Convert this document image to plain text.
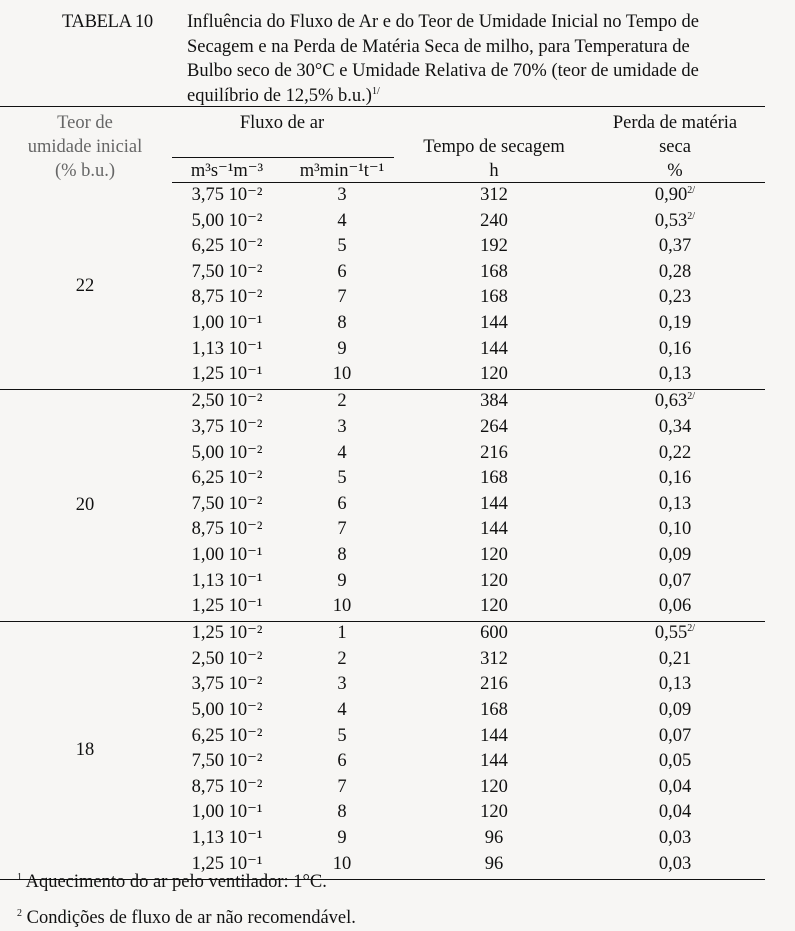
TABELA 10 Influência do Fluxo de Ar e do Teor de Umidade Inicial no Tempo de
Secagem e na Perda de Matéria Seca de milho, para Temperatura de
Bulbo seco de 30°C e Umidade Relativa de 70% (teor de umidade de
equilíbrio de 12,5% b.u.)$^{1/}$
Teor de
umidade inicial
(% b.u.)
Fluxo de ar
m³s⁻¹m⁻³	m³min⁻¹t⁻¹
Tempo de secagem
h
Perda de matéria
seca
%
3,75 10⁻²	3	312	$0,90^{2/}$
5,00 10⁻²	4	240	$0,53^{2/}$
6,25 10⁻²	5	192	0,37
7,50 10⁻²	6	168	0,28
8,75 10⁻²	7	168	0,23
1,00 10⁻¹	8	144	0,19
1,13 10⁻¹	9	144	0,16
1,25 10⁻¹	10	120	0,13
22
2,50 10⁻²	2	384	$0,63^{2/}$
3,75 10⁻²	3	264	0,34
5,00 10⁻²	4	216	0,22
6,25 10⁻²	5	168	0,16
7,50 10⁻²	6	144	0,13
8,75 10⁻²	7	144	0,10
1,00 10⁻¹	8	120	0,09
1,13 10⁻¹	9	120	0,07
1,25 10⁻¹	10	120	0,06
20
1,25 10⁻²	1	600	$0,55^{2/}$
2,50 10⁻²	2	312	0,21
3,75 10⁻²	3	216	0,13
5,00 10⁻²	4	168	0,09
6,25 10⁻²	5	144	0,07
7,50 10⁻²	6	144	0,05
8,75 10⁻²	7	120	0,04
1,00 10⁻¹	8	120	0,04
1,13 10⁻¹	9	96	0,03
1,25 10⁻¹	10	96	0,03
18
$^1$ Aquecimento do ar pelo ventilador: 1°C.
$^2$ Condições de fluxo de ar não recomendável.
